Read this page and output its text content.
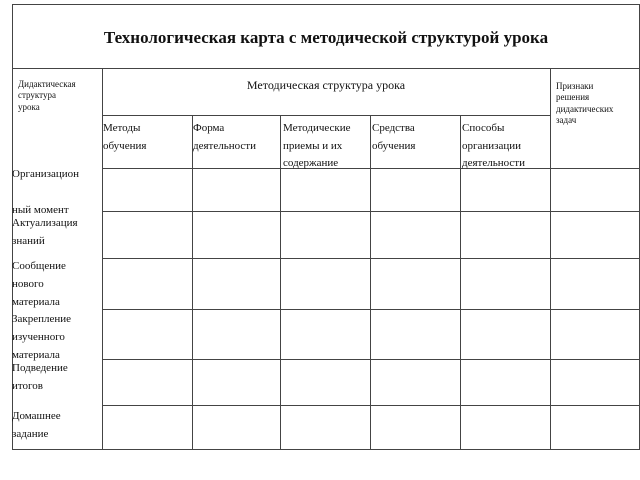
Технологическая карта с методической структурой урока
Дидактическая
структура
урока
Методическая структура урока	Признаки
решения
дидактических
задач
Методы
обучения
Форма
деятельности
Методические
приемы и их
содержание
Средства
обучения
Способы
организации
деятельности
Организацион

ный момент
Актуализация
знаний
Сообщение
нового
материала
Закрепление
изученного
материала
Подведение
итогов
Домашнее
задание
